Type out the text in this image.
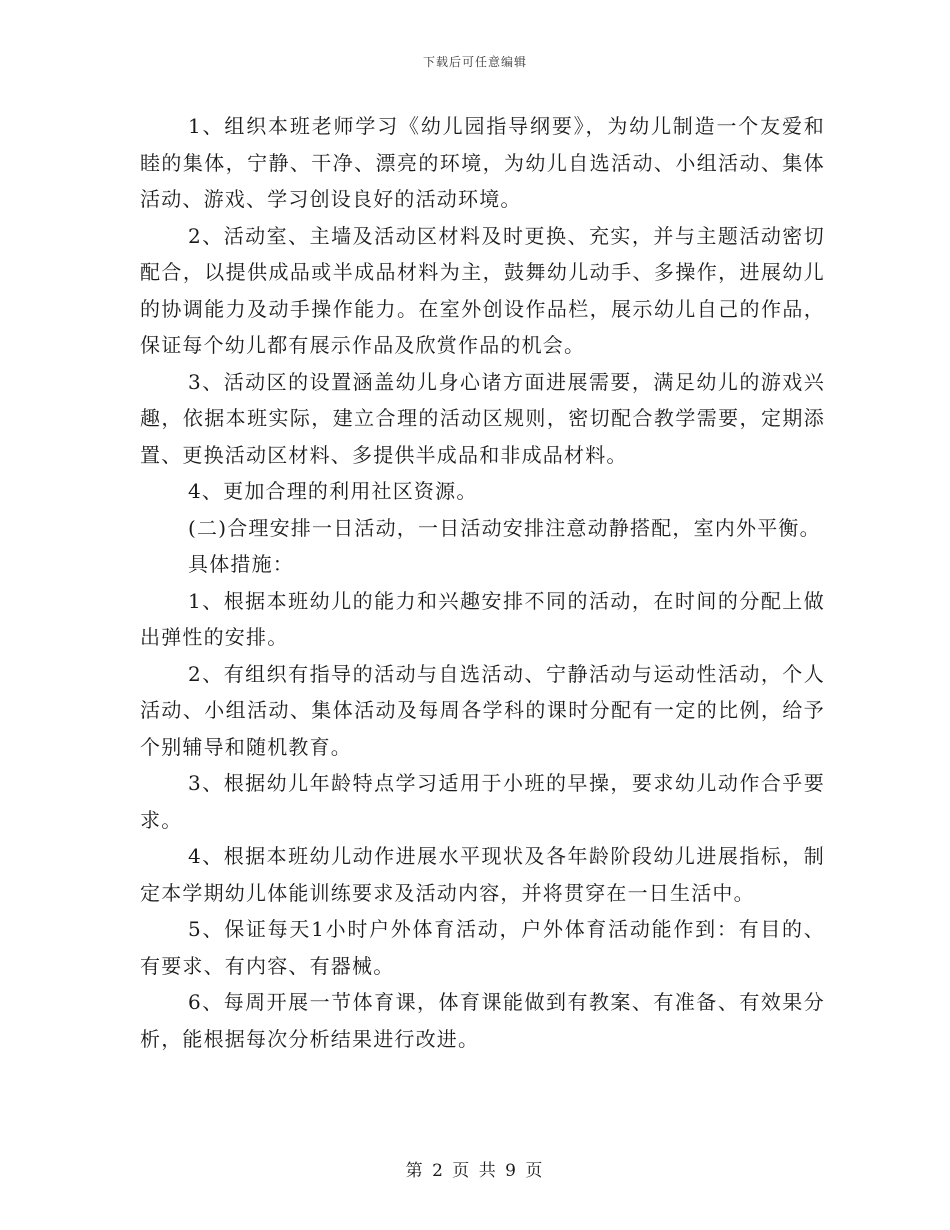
下载后可任意编辑

1、组织本班老师学习《幼儿园指导纲要》，为幼儿制造一个友爱和睦的集体，宁静、干净、漂亮的环境，为幼儿自选活动、小组活动、集体活动、游戏、学习创设良好的活动环境。

2、活动室、主墙及活动区材料及时更换、充实，并与主题活动密切配合，以提供成品或半成品材料为主，鼓舞幼儿动手、多操作，进展幼儿的协调能力及动手操作能力。在室外创设作品栏，展示幼儿自己的作品，保证每个幼儿都有展示作品及欣赏作品的机会。

3、活动区的设置涵盖幼儿身心诸方面进展需要，满足幼儿的游戏兴趣，依据本班实际，建立合理的活动区规则，密切配合教学需要，定期添置、更换活动区材料、多提供半成品和非成品材料。

4、更加合理的利用社区资源。

(二)合理安排一日活动，一日活动安排注意动静搭配，室内外平衡。

具体措施：

1、根据本班幼儿的能力和兴趣安排不同的活动，在时间的分配上做出弹性的安排。

2、有组织有指导的活动与自选活动、宁静活动与运动性活动，个人活动、小组活动、集体活动及每周各学科的课时分配有一定的比例，给予个别辅导和随机教育。

3、根据幼儿年龄特点学习适用于小班的早操，要求幼儿动作合乎要求。

4、根据本班幼儿动作进展水平现状及各年龄阶段幼儿进展指标，制定本学期幼儿体能训练要求及活动内容，并将贯穿在一日生活中。

5、保证每天1小时户外体育活动，户外体育活动能作到：有目的、有要求、有内容、有器械。

6、每周开展一节体育课，体育课能做到有教案、有准备、有效果分析，能根据每次分析结果进行改进。

第 2 页 共 9 页
